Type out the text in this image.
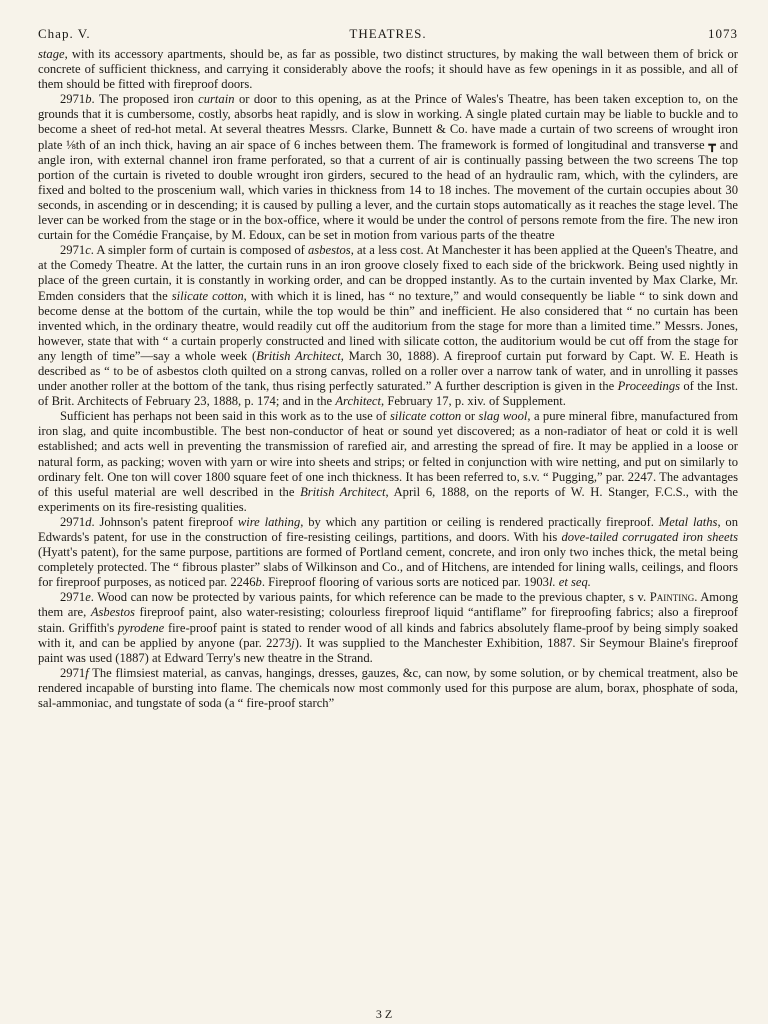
Chap. V.	THEATRES.	1073

stage, with its accessory apartments, should be, as far as possible, two distinct structures, by making the wall between them of brick or concrete of sufficient thickness, and carrying it considerably above the roofs; it should have as few openings in it as possible, and all of them should be fitted with fireproof doors.

2971b. The proposed iron curtain or door to this opening, as at the Prince of Wales's Theatre, has been taken exception to, on the grounds that it is cumbersome, costly, absorbs heat rapidly, and is slow in working. A single plated curtain may be liable to buckle and to become a sheet of red-hot metal. At several theatres Messrs. Clarke, Bunnett & Co. have made a curtain of two screens of wrought iron plate ⅛th of an inch thick, having an air space of 6 inches between them. The framework is formed of longitudinal and transverse ┳ and angle iron, with external channel iron frame perforated, so that a current of air is continually passing between the two screens The top portion of the curtain is riveted to double wrought iron girders, secured to the head of an hydraulic ram, which, with the cylinders, are fixed and bolted to the proscenium wall, which varies in thickness from 14 to 18 inches. The movement of the curtain occupies about 30 seconds, in ascending or in descending; it is caused by pulling a lever, and the curtain stops automatically as it reaches the stage level. The lever can be worked from the stage or in the box-office, where it would be under the control of persons remote from the fire. The new iron curtain for the Comédie Française, by M. Edoux, can be set in motion from various parts of the theatre

2971c. A simpler form of curtain is composed of asbestos, at a less cost. At Manchester it has been applied at the Queen's Theatre, and at the Comedy Theatre. At the latter, the curtain runs in an iron groove closely fixed to each side of the brickwork. Being used nightly in place of the green curtain, it is constantly in working order, and can be dropped instantly. As to the curtain invented by Max Clarke, Mr. Emden considers that the silicate cotton, with which it is lined, has “ no texture,” and would consequently be liable “ to sink down and become dense at the bottom of the curtain, while the top would be thin” and inefficient. He also considered that “ no curtain has been invented which, in the ordinary theatre, would readily cut off the auditorium from the stage for more than a limited time.” Messrs. Jones, however, state that with “ a curtain properly constructed and lined with silicate cotton, the auditorium would be cut off from the stage for any length of time”—say a whole week (British Architect, March 30, 1888). A fireproof curtain put forward by Capt. W. E. Heath is described as “ to be of asbestos cloth quilted on a strong canvas, rolled on a roller over a narrow tank of water, and in unrolling it passes under another roller at the bottom of the tank, thus rising perfectly saturated.” A further description is given in the Proceedings of the Inst. of Brit. Architects of February 23, 1888, p. 174; and in the Architect, February 17, p. xiv. of Supplement.

Sufficient has perhaps not been said in this work as to the use of silicate cotton or slag wool, a pure mineral fibre, manufactured from iron slag, and quite incombustible. The best non-conductor of heat or sound yet discovered; as a non-radiator of heat or cold it is well established; and acts well in preventing the transmission of rarefied air, and arresting the spread of fire. It may be applied in a loose or natural form, as packing; woven with yarn or wire into sheets and strips; or felted in conjunction with wire netting, and put on similarly to ordinary felt. One ton will cover 1800 square feet of one inch thickness. It has been referred to, s.v. “ Pugging,” par. 2247. The advantages of this useful material are well described in the British Architect, April 6, 1888, on the reports of W. H. Stanger, F.C.S., with the experiments on its fire-resisting qualities.

2971d. Johnson's patent fireproof wire lathing, by which any partition or ceiling is rendered practically fireproof. Metal laths, on Edwards's patent, for use in the construction of fire-resisting ceilings, partitions, and doors. With his dove-tailed corrugated iron sheets (Hyatt's patent), for the same purpose, partitions are formed of Portland cement, concrete, and iron only two inches thick, the metal being completely protected. The “ fibrous plaster” slabs of Wilkinson and Co., and of Hitchens, are intended for lining walls, ceilings, and floors for fireproof purposes, as noticed par. 2246b. Fireproof flooring of various sorts are noticed par. 1903l. et seq.

2971e. Wood can now be protected by various paints, for which reference can be made to the previous chapter, s v. Painting. Among them are, Asbestos fireproof paint, also water-resisting; colourless fireproof liquid “antiflame” for fireproofing fabrics; also a fireproof stain. Griffith's pyrodene fire-proof paint is stated to render wood of all kinds and fabrics absolutely flame-proof by being simply soaked with it, and can be applied by anyone (par. 2273j). It was supplied to the Manchester Exhibition, 1887. Sir Seymour Blaine's fireproof paint was used (1887) at Edward Terry's new theatre in the Strand.

2971f The flimsiest material, as canvas, hangings, dresses, gauzes, &c, can now, by some solution, or by chemical treatment, also be rendered incapable of bursting into flame. The chemicals now most commonly used for this purpose are alum, borax, phosphate of soda, sal-ammoniac, and tungstate of soda (a “ fire-proof starch”

3 Z
